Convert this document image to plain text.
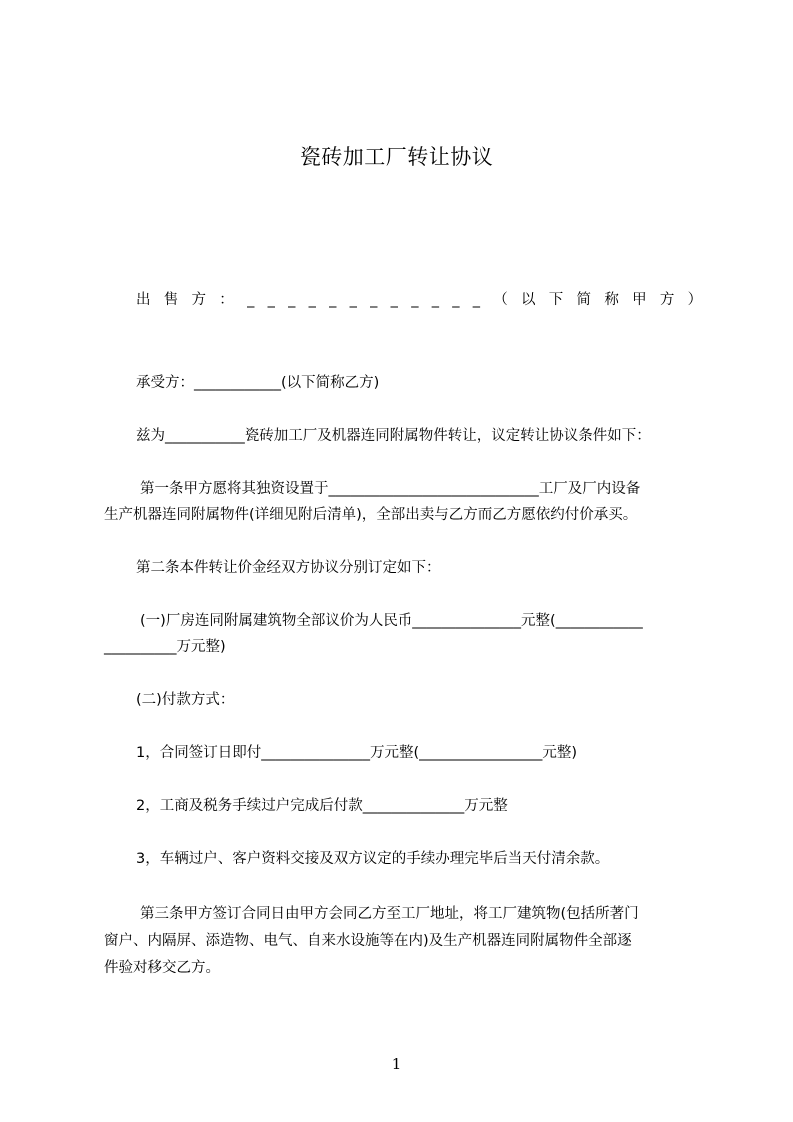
瓷砖加工厂转让协议
出 售 方 ： _ _ _ _ _ _ _ _ _ _ _ _ （ 以 下 简 称 甲 方 ）
承受方：____________(以下简称乙方)
兹为___________瓷砖加工厂及机器连同附属物件转让，议定转让协议条件如下：
第一条甲方愿将其独资设置于_____________________________工厂及厂内设备
生产机器连同附属物件(详细见附后清单)，全部出卖与乙方而乙方愿依约付价承买。
第二条本件转让价金经双方协议分别订定如下：
(一)厂房连同附属建筑物全部议价为人民币_______________元整(____________
__________万元整)
(二)付款方式：
1，合同签订日即付_______________万元整(_________________元整)
2，工商及税务手续过户完成后付款______________万元整
3，车辆过户、客户资料交接及双方议定的手续办理完毕后当天付清余款。
第三条甲方签订合同日由甲方会同乙方至工厂地址，将工厂建筑物(包括所著门
窗户、内隔屏、添造物、电气、自来水设施等在内)及生产机器连同附属物件全部逐
件验对移交乙方。
1
